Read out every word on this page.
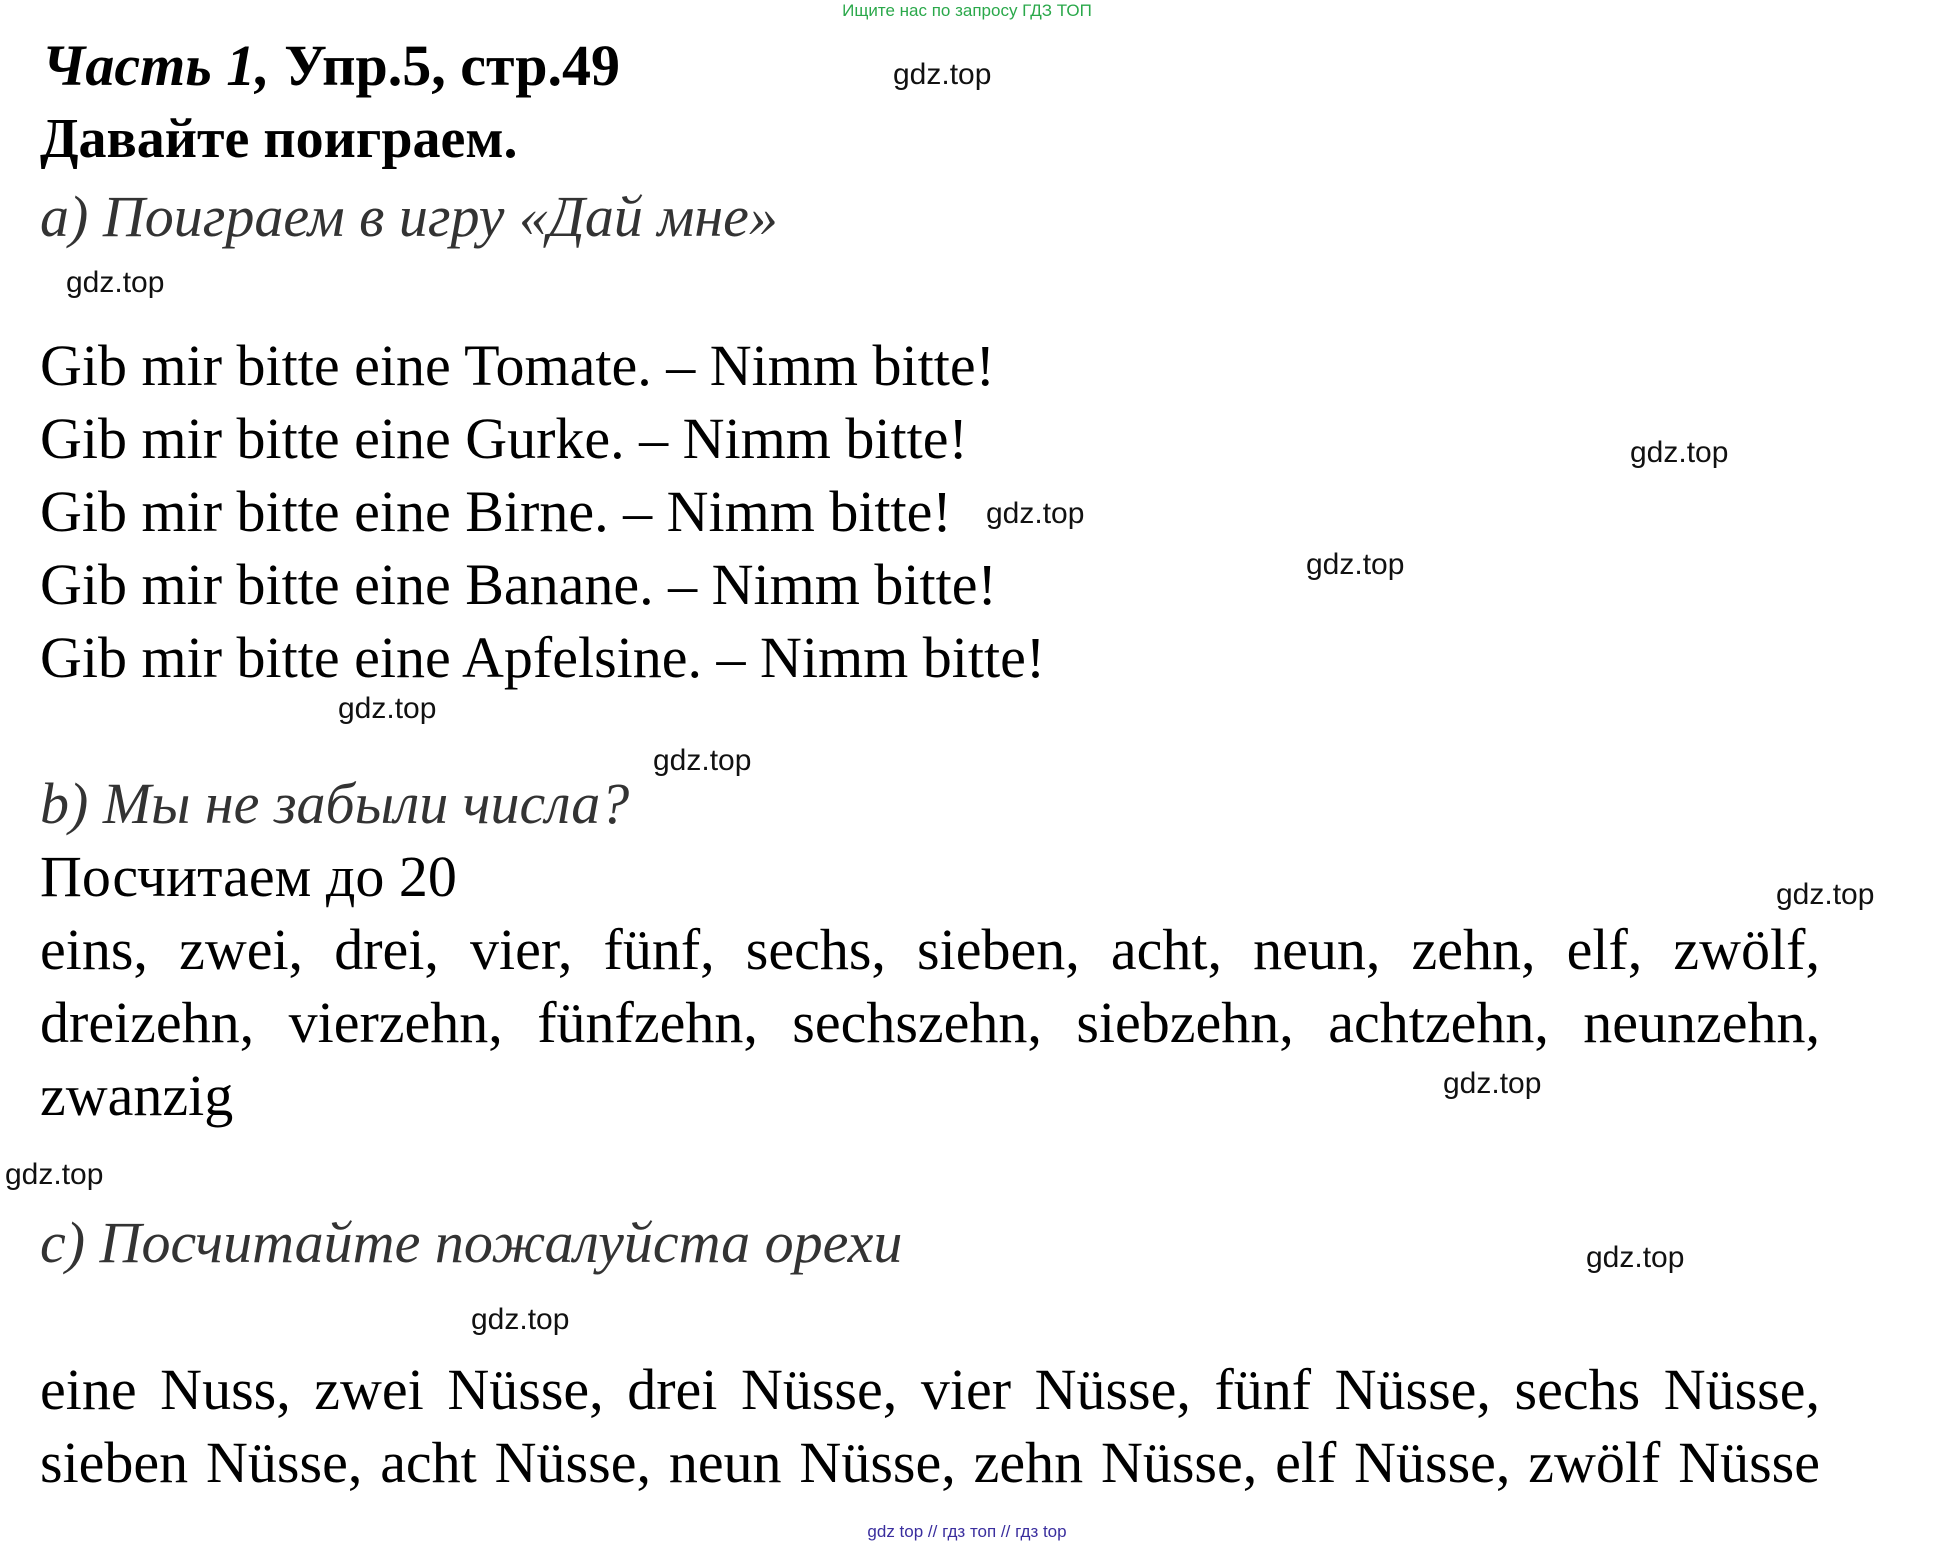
Ищите нас по запросу ГДЗ ТОП
Часть 1, Упр.5, стр.49
Давайте поиграем.
a) Поиграем в игру «Дай мне»
Gib mir bitte eine Tomate. – Nimm bitte!
Gib mir bitte eine Gurke. – Nimm bitte!
Gib mir bitte eine Birne. – Nimm bitte!
Gib mir bitte eine Banane. – Nimm bitte!
Gib mir bitte eine Apfelsine. – Nimm bitte!
b) Мы не забыли числа?
Посчитаем до 20
eins, zwei, drei, vier, fünf, sechs, sieben, acht, neun, zehn, elf, zwölf,
dreizehn, vierzehn, fünfzehn, sechszehn, siebzehn, achtzehn, neunzehn,
zwanzig
c) Посчитайте пожалуйста орехи
eine Nuss, zwei Nüsse, drei Nüsse, vier Nüsse, fünf Nüsse, sechs Nüsse,
sieben Nüsse, acht Nüsse, neun Nüsse, zehn Nüsse, elf Nüsse, zwölf Nüsse
gdz.top
gdz.top
gdz.top
gdz.top
gdz.top
gdz.top
gdz.top
gdz.top
gdz.top
gdz.top
gdz.top
gdz.top
gdz top // гдз топ // гдз top
